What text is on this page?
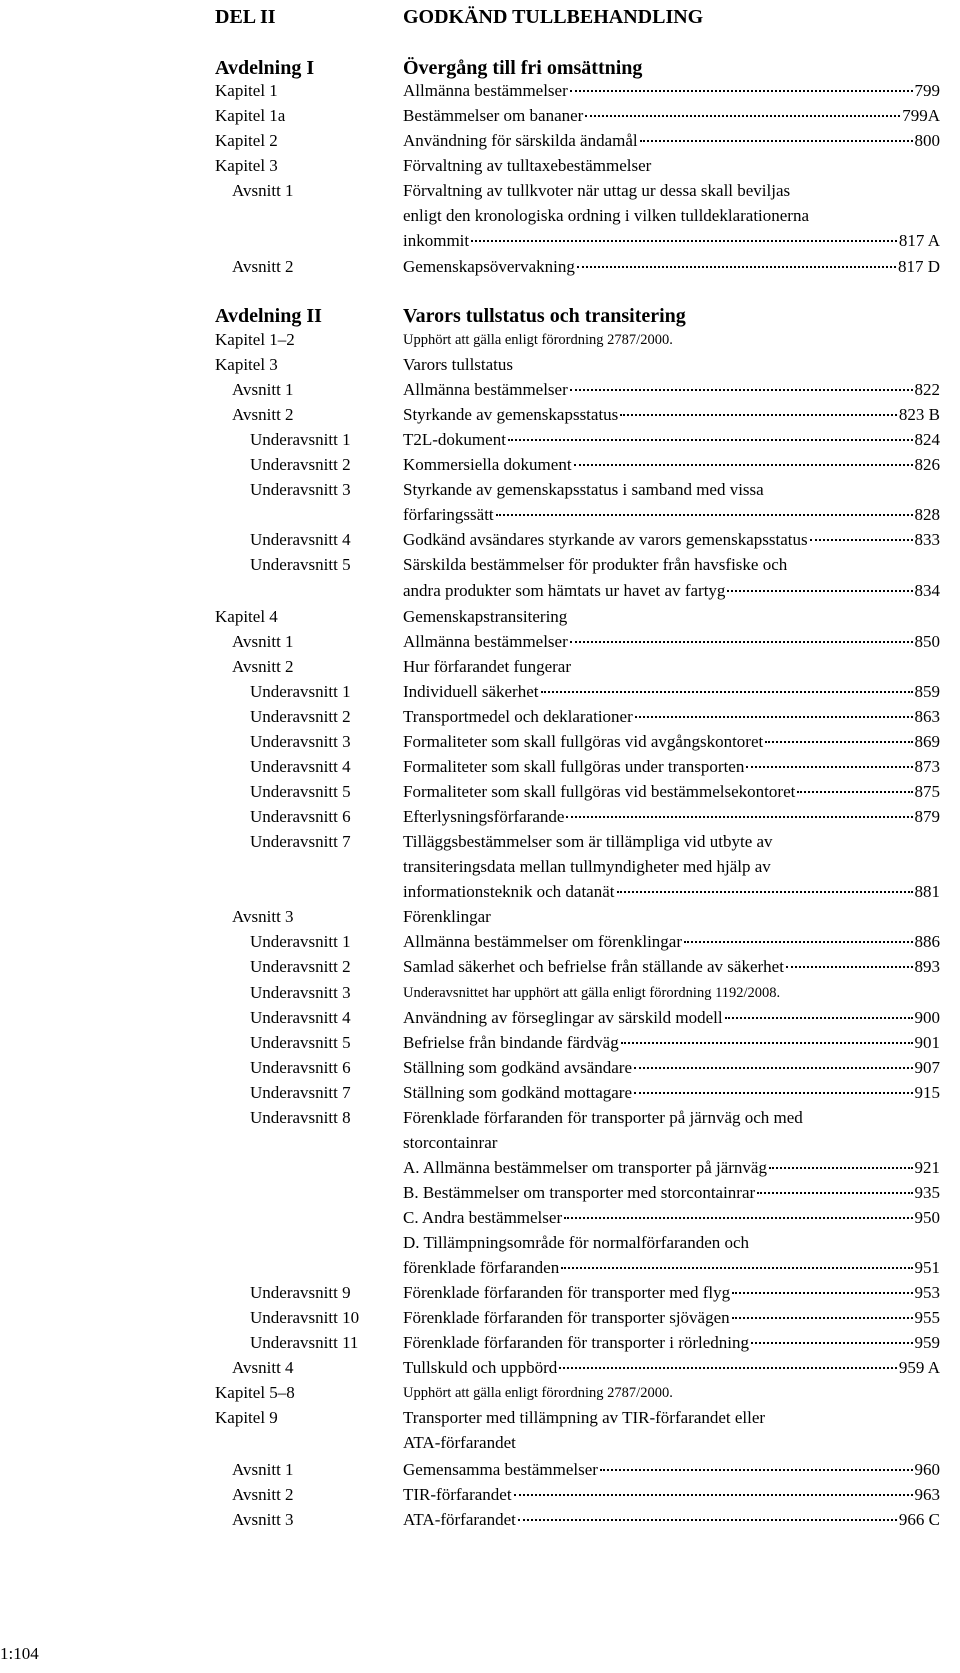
DEL II	GODKÄND TULLBEHANDLING
Avdelning I	Övergång till fri omsättning
Kapitel 1	Allmänna bestämmelser	799
Kapitel 1a	Bestämmelser om bananer	799A
Kapitel 2	Användning för särskilda ändamål	800
Kapitel 3	Förvaltning av tulltaxebestämmelser
Avsnitt 1	Förvaltning av tullkvoter när uttag ur dessa skall beviljas
enligt den kronologiska ordning i vilken tulldeklarationerna
inkommit	817 A
Avsnitt 2	Gemenskapsövervakning	817 D
Avdelning II	Varors tullstatus och transitering
Kapitel 1–2	Upphört att gälla enligt förordning 2787/2000.
Kapitel 3	Varors tullstatus
Avsnitt 1	Allmänna bestämmelser	822
Avsnitt 2	Styrkande av gemenskapsstatus	823 B
Underavsnitt 1	T2L-dokument	824
Underavsnitt 2	Kommersiella dokument	826
Underavsnitt 3	Styrkande av gemenskapsstatus i samband med vissa
förfaringssätt	828
Underavsnitt 4	Godkänd avsändares styrkande av varors gemenskapsstatus	833
Underavsnitt 5	Särskilda bestämmelser för produkter från havsfiske och
andra produkter som hämtats ur havet av fartyg	834
Kapitel 4	Gemenskapstransitering
Avsnitt 1	Allmänna bestämmelser	850
Avsnitt 2	Hur förfarandet fungerar
Underavsnitt 1	Individuell säkerhet	859
Underavsnitt 2	Transportmedel och deklarationer	863
Underavsnitt 3	Formaliteter som skall fullgöras vid avgångskontoret	869
Underavsnitt 4	Formaliteter som skall fullgöras under transporten	873
Underavsnitt 5	Formaliteter som skall fullgöras vid bestämmelsekontoret	875
Underavsnitt 6	Efterlysningsförfarande	879
Underavsnitt 7	Tilläggsbestämmelser som är tillämpliga vid utbyte av
transiteringsdata mellan tullmyndigheter med hjälp av
informationsteknik och datanät	881
Avsnitt 3	Förenklingar
Underavsnitt 1	Allmänna bestämmelser om förenklingar	886
Underavsnitt 2	Samlad säkerhet och befrielse från ställande av säkerhet	893
Underavsnitt 3	Underavsnittet har upphört att gälla enligt förordning 1192/2008.
Underavsnitt 4	Användning av förseglingar av särskild modell	900
Underavsnitt 5	Befrielse från bindande färdväg	901
Underavsnitt 6	Ställning som godkänd avsändare	907
Underavsnitt 7	Ställning som godkänd mottagare	915
Underavsnitt 8	Förenklade förfaranden för transporter på järnväg och med
storcontainrar
A. Allmänna bestämmelser om transporter på järnväg	921
B. Bestämmelser om transporter med storcontainrar	935
C. Andra bestämmelser	950
D. Tillämpningsområde för normalförfaranden och
förenklade förfaranden	951
Underavsnitt 9	Förenklade förfaranden för transporter med flyg	953
Underavsnitt 10	Förenklade förfaranden för transporter sjövägen	955
Underavsnitt 11	Förenklade förfaranden för transporter i rörledning	959
Avsnitt 4	Tullskuld och uppbörd	959 A
Kapitel 5–8	Upphört att gälla enligt förordning 2787/2000.
Kapitel 9	Transporter med tillämpning av TIR-förfarandet eller
ATA-förfarandet
Avsnitt 1	Gemensamma bestämmelser	960
Avsnitt 2	TIR-förfarandet	963
Avsnitt 3	ATA-förfarandet	966 C
1:104
